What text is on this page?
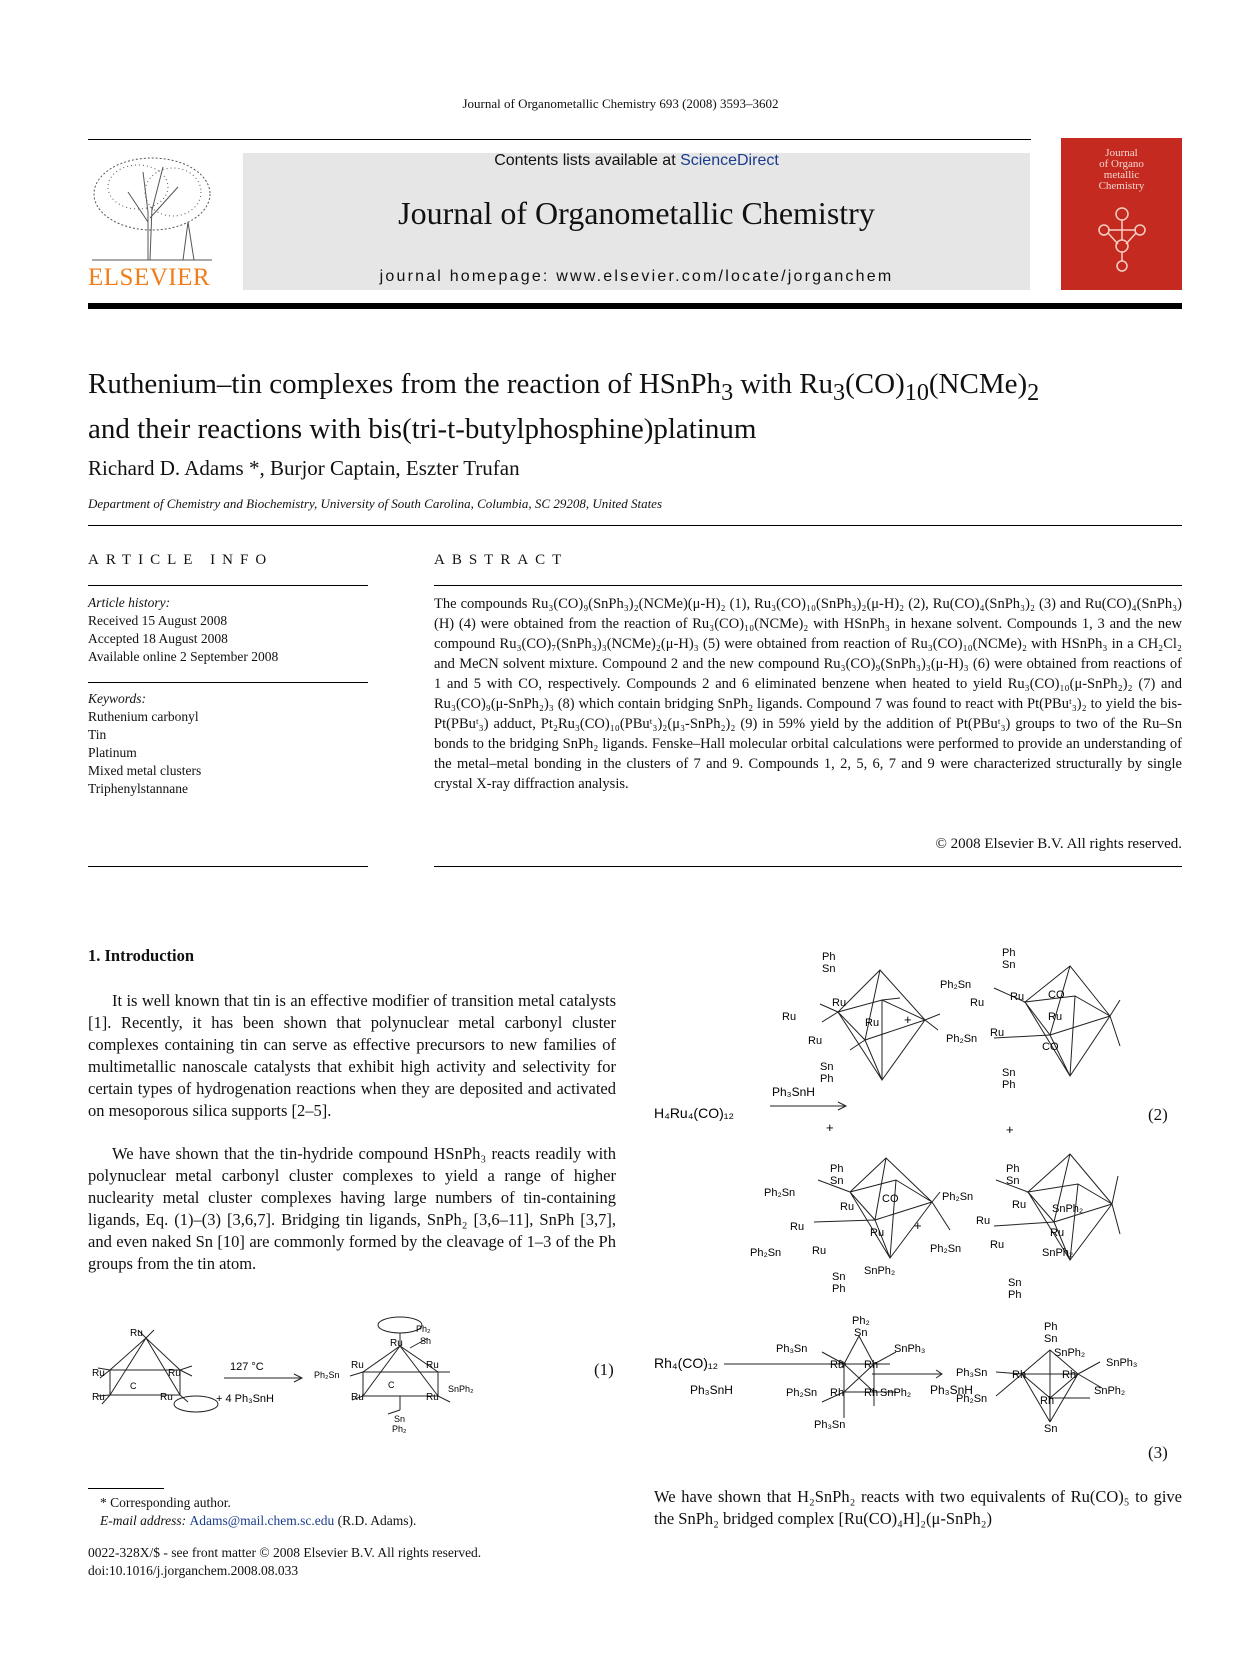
Journal of Organometallic Chemistry 693 (2008) 3593–3602
ELSEVIER
Contents lists available at ScienceDirect
Journal of Organometallic Chemistry
journal homepage: www.elsevier.com/locate/jorganchem
Journal
of Organo
metallic
Chemistry
Ruthenium–tin complexes from the reaction of HSnPh$_3$ with $Ru_3(CO)_{10}(NCMe)_2$
and their reactions with bis(tri-t-butylphosphine)platinum
Richard D. Adams *, Burjor Captain, Eszter Trufan
Department of Chemistry and Biochemistry, University of South Carolina, Columbia, SC 29208, United States
ARTICLE INFO
Article history:
Received 15 August 2008
Accepted 18 August 2008
Available online 2 September 2008
Keywords:
Ruthenium carbonyl
Tin
Platinum
Mixed metal clusters
Triphenylstannane
ABSTRACT
The compounds Ru₃(CO)₉(SnPh₃)₂(NCMe)(μ-H)₂ (1), Ru₃(CO)₁₀(SnPh₃)₂(μ-H)₂ (2), Ru(CO)₄(SnPh₃)₂ (3) and Ru(CO)₄(SnPh₃)(H) (4) were obtained from the reaction of Ru₃(CO)₁₀(NCMe)₂ with HSnPh₃ in hexane solvent. Compounds 1, 3 and the new compound Ru₃(CO)₇(SnPh₃)₃(NCMe)₂(μ-H)₃ (5) were obtained from reaction of Ru₃(CO)₁₀(NCMe)₂ with HSnPh₃ in a CH₂Cl₂ and MeCN solvent mixture. Compound 2 and the new compound Ru₃(CO)₉(SnPh₃)₃(μ-H)₃ (6) were obtained from reactions of 1 and 5 with CO, respectively. Compounds 2 and 6 eliminated benzene when heated to yield Ru₃(CO)₁₀(μ-SnPh₂)₂ (7) and Ru₃(CO)₉(μ-SnPh₂)₃ (8) which contain bridging SnPh₂ ligands. Compound 7 was found to react with Pt(PBuᵗ₃)₂ to yield the bis-Pt(PBuᵗ₃) adduct, Pt₂Ru₃(CO)₁₀(PBuᵗ₃)₂(μ₃-SnPh₂)₂ (9) in 59% yield by the addition of Pt(PBuᵗ₃) groups to two of the Ru–Sn bonds to the bridging SnPh₂ ligands. Fenske–Hall molecular orbital calculations were performed to provide an understanding of the metal–metal bonding in the clusters of 7 and 9. Compounds 1, 2, 5, 6, 7 and 9 were characterized structurally by single crystal X-ray diffraction analysis.
© 2008 Elsevier B.V. All rights reserved.
1. Introduction
It is well known that tin is an effective modifier of transition metal catalysts [1]. Recently, it has been shown that polynuclear metal carbonyl cluster complexes containing tin can serve as effective precursors to new families of multimetallic nanoscale catalysts that exhibit high activity and selectivity for certain types of hydrogenation reactions when they are deposited and activated on mesoporous silica supports [2–5].
We have shown that the tin-hydride compound HSnPh₃ reacts readily with polynuclear metal carbonyl cluster complexes to yield a range of higher nuclearity metal cluster complexes having large numbers of tin-containing ligands, Eq. (1)–(3) [3,6,7]. Bridging tin ligands, SnPh₂ [3,6–11], SnPh [3,7], and even naked Sn [10] are commonly formed by the cleavage of 1–3 of the Ph groups from the tin atom.
We have shown that H₂SnPh₂ reacts with two equivalents of Ru(CO)₅ to give the SnPh₂ bridged complex [Ru(CO)₄H]₂(μ-SnPh₂)
Ru
Ru	Ru
Ru	Ru
C
127 °C
+ 4 Ph₃SnH
Ru
Ph₂
Sn
Ph₂Sn
Ru	Ru
Ru	Ru
C	SnPh₂
Sn
Ph₂
(1)
Ph
Sn
Ru
Ru
Ru
Ru
Sn
Ph
+
Ph
Sn
Ph₂Sn
Ph₂Sn
Ru Ru
Ru
Ru
CO
CO
Sn
Ph
H₄Ru₄(CO)₁₂
Ph₃SnH
+	+
Ph
Sn
Ph₂Sn
Ph₂Sn
Ru
Ru	Ru
Ru
CO
SnPh₂
Sn
Ph
+
Ph
Sn
Ph₂Sn
Ph₂Sn
Ru
Ru
Ru
Ru
SnPh₂
SnPh₂
Sn
Ph
(2)
Rh₄(CO)₁₂
Ph₃SnH
Ph₂
Sn
Ph₃Sn	SnPh₃
Rh Rh
Ph₂Sn Rh Rh SnPh₂
Ph₃Sn
Ph₃SnH
Ph
Sn
Ph₃Sn Rh	Rh
SnPh₂
SnPh₃
Ph₂Sn	Rh
SnPh₂
Sn
(3)
* Corresponding author.
E-mail address: Adams@mail.chem.sc.edu (R.D. Adams).
0022-328X/$ - see front matter © 2008 Elsevier B.V. All rights reserved.
doi:10.1016/j.jorganchem.2008.08.033
